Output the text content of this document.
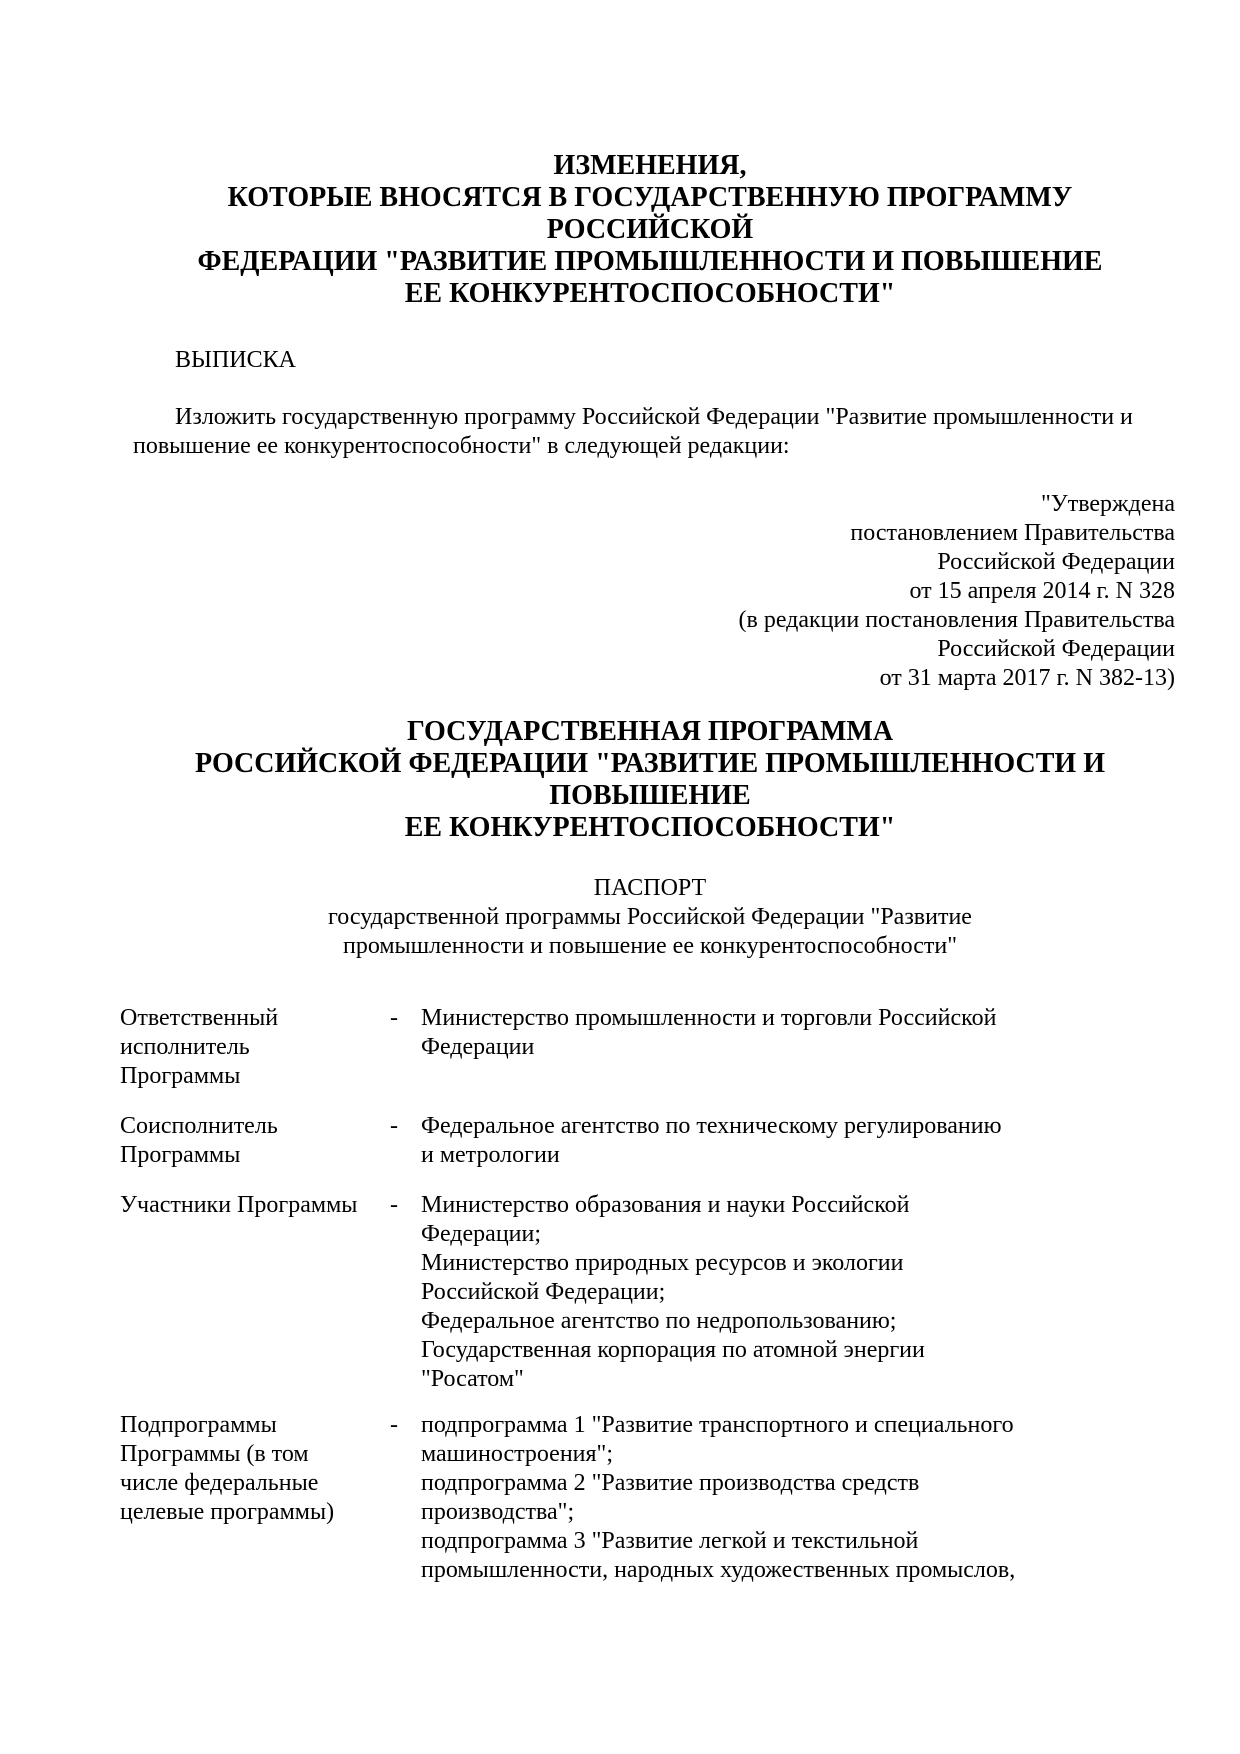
ИЗМЕНЕНИЯ,
КОТОРЫЕ ВНОСЯТСЯ В ГОСУДАРСТВЕННУЮ ПРОГРАММУ
РОССИЙСКОЙ
ФЕДЕРАЦИИ "РАЗВИТИЕ ПРОМЫШЛЕННОСТИ И ПОВЫШЕНИЕ
ЕЕ КОНКУРЕНТОСПОСОБНОСТИ"
ВЫПИСКА
Изложить государственную программу Российской Федерации "Развитие промышленности и
повышение ее конкурентоспособности" в следующей редакции:
"Утверждена
постановлением Правительства
Российской Федерации
от 15 апреля 2014 г. N 328
(в редакции постановления Правительства
Российской Федерации
от 31 марта 2017 г. N 382-13)
ГОСУДАРСТВЕННАЯ ПРОГРАММА
РОССИЙСКОЙ ФЕДЕРАЦИИ "РАЗВИТИЕ ПРОМЫШЛЕННОСТИ И
ПОВЫШЕНИЕ
ЕЕ КОНКУРЕНТОСПОСОБНОСТИ"
ПАСПОРТ
государственной программы Российской Федерации "Развитие
промышленности и повышение ее конкурентоспособности"
Ответственный
исполнитель
Программы
- Министерство промышленности и торговли Российской
Федерации
Соисполнитель
Программы
- Федеральное агентство по техническому регулированию
и метрологии
Участники Программы	- Министерство образования и науки Российской
Федерации;
Министерство природных ресурсов и экологии
Российской Федерации;
Федеральное агентство по недропользованию;
Государственная корпорация по атомной энергии
"Росатом"
Подпрограммы
Программы (в том
числе федеральные
целевые программы)
- подпрограмма 1 "Развитие транспортного и специального
машиностроения";
подпрограмма 2 "Развитие производства средств
производства";
подпрограмма 3 "Развитие легкой и текстильной
промышленности, народных художественных промыслов,
